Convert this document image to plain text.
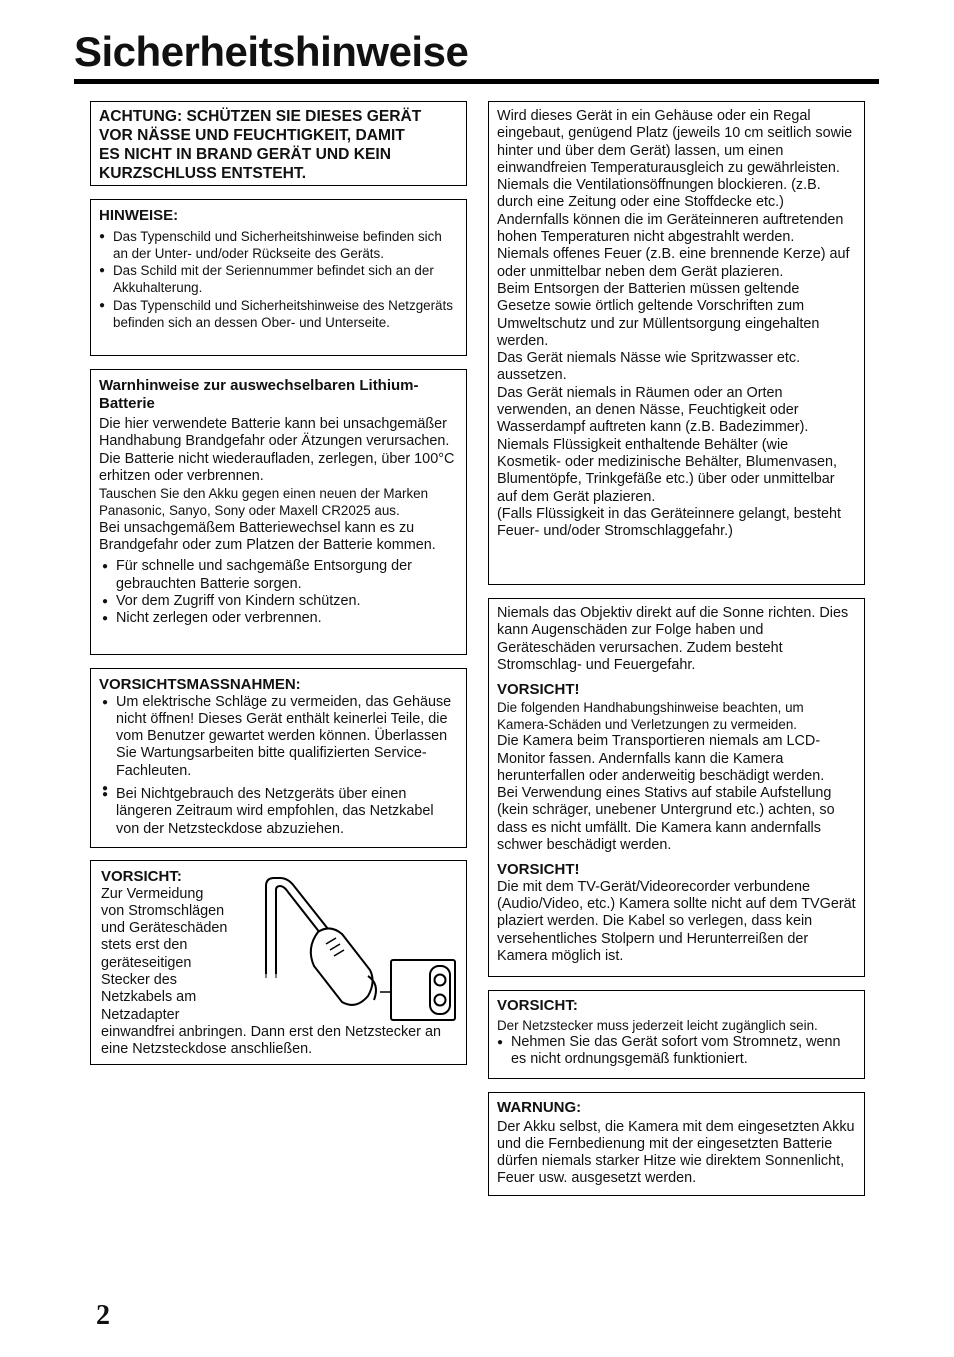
Sicherheitshinweise

ACHTUNG: SCHÜTZEN SIE DIESES GERÄT

VOR NÄSSE UND FEUCHTIGKEIT, DAMIT

ES NICHT IN BRAND GERÄT UND KEIN

KURZSCHLUSS ENTSTEHT.

HINWEISE:

● Das Typenschild und Sicherheitshinweise befinden sich an der Unter- und/oder Rückseite des Geräts.
● Das Schild mit der Seriennummer befindet sich an der Akkuhalterung.
● Das Typenschild und Sicherheitshinweise des Netzgeräts befinden sich an dessen Ober- und Unterseite.

Warnhinweise zur auswechselbaren Lithium-Batterie

Die hier verwendete Batterie kann bei unsachgemäßer Handhabung Brandgefahr oder Ätzungen verursachen.

Die Batterie nicht wiederaufladen, zerlegen, über 100°C erhitzen oder verbrennen.

Tauschen Sie den Akku gegen einen neuen der Marken Panasonic, Sanyo, Sony oder Maxell CR2025 aus.

Bei unsachgemäßem Batteriewechsel kann es zu Brandgefahr oder zum Platzen der Batterie kommen.

● Für schnelle und sachgemäße Entsorgung der gebrauchten Batterie sorgen.
● Vor dem Zugriff von Kindern schützen.
● Nicht zerlegen oder verbrennen.

VORSICHTSMASSNAHMEN:

● Um elektrische Schläge zu vermeiden, das Gehäuse nicht öffnen! Dieses Gerät enthält keinerlei Teile, die vom Benutzer gewartet werden können. Überlassen Sie Wartungsarbeiten bitte qualifizierten Service-Fachleuten.
●
● Bei Nichtgebrauch des Netzgeräts über einen längeren Zeitraum wird empfohlen, das Netzkabel von der Netzsteckdose abzuziehen.

VORSICHT:

Zur Vermeidung

von Stromschlägen

und Geräteschäden

stets erst den

geräteseitigen

Stecker des

Netzkabels am

Netzadapter

einwandfrei anbringen. Dann erst den Netzstecker an eine Netzsteckdose anschließen.

Wird dieses Gerät in ein Gehäuse oder ein Regal eingebaut, genügend Platz (jeweils 10 cm seitlich sowie hinter und über dem Gerät) lassen, um einen einwandfreien Temperaturausgleich zu gewährleisten.

Niemals die Ventilationsöffnungen blockieren. (z.B. durch eine Zeitung oder eine Stoffdecke etc.) Andernfalls können die im Geräteinneren auftretenden hohen Temperaturen nicht abgestrahlt werden.

Niemals offenes Feuer (z.B. eine brennende Kerze) auf oder unmittelbar neben dem Gerät plazieren.

Beim Entsorgen der Batterien müssen geltende Gesetze sowie örtlich geltende Vorschriften zum Umweltschutz und zur Müllentsorgung eingehalten werden.

Das Gerät niemals Nässe wie Spritzwasser etc. aussetzen.

Das Gerät niemals in Räumen oder an Orten verwenden, an denen Nässe, Feuchtigkeit oder Wasserdampf auftreten kann (z.B. Badezimmer).

Niemals Flüssigkeit enthaltende Behälter (wie Kosmetik- oder medizinische Behälter, Blumenvasen, Blumentöpfe, Trinkgefäße etc.) über oder unmittelbar auf dem Gerät plazieren.

(Falls Flüssigkeit in das Geräteinnere gelangt, besteht Feuer- und/oder Stromschlaggefahr.)

Niemals das Objektiv direkt auf die Sonne richten. Dies kann Augenschäden zur Folge haben und Geräteschäden verursachen. Zudem besteht Stromschlag- und Feuergefahr.

VORSICHT!

Die folgenden Handhabungshinweise beachten, um Kamera-Schäden und Verletzungen zu vermeiden.

Die Kamera beim Transportieren niemals am LCD-Monitor fassen. Andernfalls kann die Kamera herunterfallen oder anderweitig beschädigt werden.

Bei Verwendung eines Stativs auf stabile Aufstellung (kein schräger, unebener Untergrund etc.) achten, so dass es nicht umfällt. Die Kamera kann andernfalls schwer beschädigt werden.

VORSICHT!

Die mit dem TV-Gerät/Videorecorder verbundene (Audio/Video, etc.) Kamera sollte nicht auf dem TVGerät plaziert werden. Die Kabel so verlegen, dass kein versehentliches Stolpern und Herunterreißen der Kamera möglich ist.

VORSICHT:

Der Netzstecker muss jederzeit leicht zugänglich sein.

● Nehmen Sie das Gerät sofort vom Stromnetz, wenn es nicht ordnungsgemäß funktioniert.

WARNUNG:

Der Akku selbst, die Kamera mit dem eingesetzten Akku und die Fernbedienung mit der eingesetzten Batterie dürfen niemals starker Hitze wie direktem Sonnenlicht, Feuer usw. ausgesetzt werden.

2
